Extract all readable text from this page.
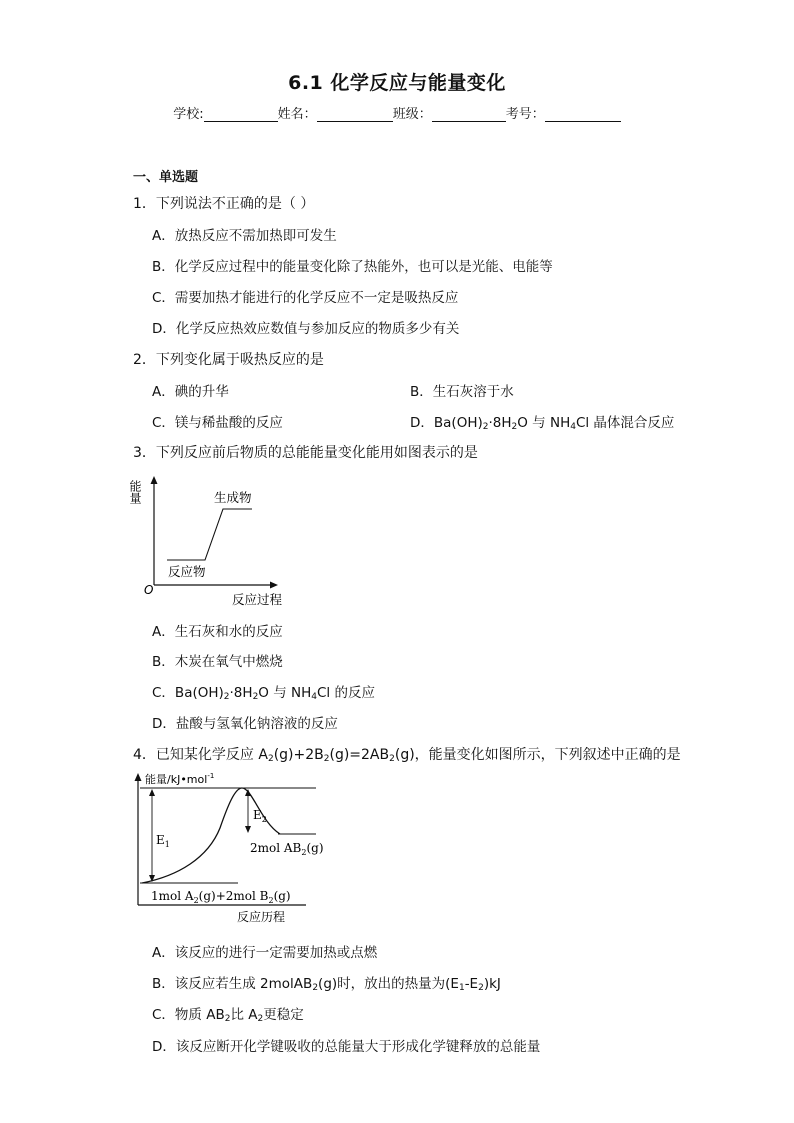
6.1 化学反应与能量变化
学校:	姓名：	班级：	考号：
一、单选题
1．下列说法不正确的是（ ）
A．放热反应不需加热即可发生
B．化学反应过程中的能量变化除了热能外，也可以是光能、电能等
C．需要加热才能进行的化学反应不一定是吸热反应
D．化学反应热效应数值与参加反应的物质多少有关
2．下列变化属于吸热反应的是
A．碘的升华	B．生石灰溶于水
C．镁与稀盐酸的反应	D．$Ba(OH)_2\cdot 8H_2O$ 与 $NH_4Cl$ 晶体混合反应
3．下列反应前后物质的总能能量变化能用如图表示的是
能量
O
生成物
反应物
反应过程
A．生石灰和水的反应
B．木炭在氧气中燃烧
C．$Ba(OH)_2\cdot 8H_2O$ 与 $NH_4Cl$ 的反应
D．盐酸与氢氧化钠溶液的反应
4．已知某化学反应 $A_2(g)+2B_2(g)=2AB_2(g)$，能量变化如图所示，下列叙述中正确的是
能量/kJ•mol$^{-1}$
$E_1$
$E_2$
2mol $AB_2(g)$
1mol $A_2(g)+2mol$ $B_2(g)$
反应历程
A．该反应的进行一定需要加热或点燃
B．该反应若生成 2molAB$_2$(g)时，放出的热量为$(E_1-E_2)kJ$
C．物质 $AB_2$比 $A_2$更稳定
D．该反应断开化学键吸收的总能量大于形成化学键释放的总能量
